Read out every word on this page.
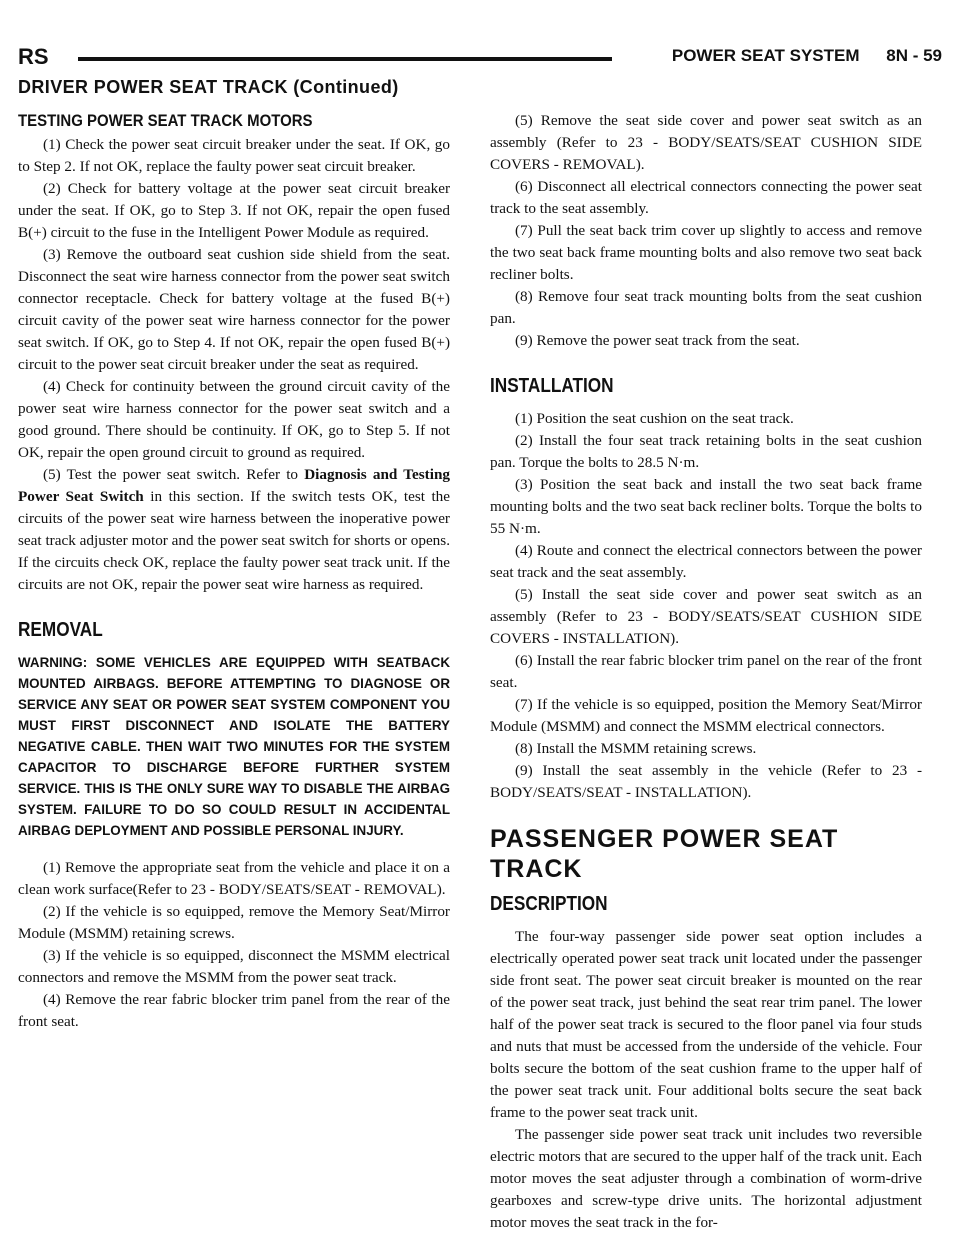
RS	POWER SEAT SYSTEM 8N - 59
DRIVER POWER SEAT TRACK (Continued)
TESTING POWER SEAT TRACK MOTORS

(1) Check the power seat circuit breaker under the seat. If OK, go to Step 2. If not OK, replace the faulty power seat circuit breaker.

(2) Check for battery voltage at the power seat circuit breaker under the seat. If OK, go to Step 3. If not OK, repair the open fused B(+) circuit to the fuse in the Intelligent Power Module as required.

(3) Remove the outboard seat cushion side shield from the seat. Disconnect the seat wire harness connector from the power seat switch connector receptacle. Check for battery voltage at the fused B(+) circuit cavity of the power seat wire harness connector for the power seat switch. If OK, go to Step 4. If not OK, repair the open fused B(+) circuit to the power seat circuit breaker under the seat as required.

(4) Check for continuity between the ground circuit cavity of the power seat wire harness connector for the power seat switch and a good ground. There should be continuity. If OK, go to Step 5. If not OK, repair the open ground circuit to ground as required.

(5) Test the power seat switch. Refer to Diagnosis and Testing Power Seat Switch in this section. If the switch tests OK, test the circuits of the power seat wire harness between the inoperative power seat track adjuster motor and the power seat switch for shorts or opens. If the circuits check OK, replace the faulty power seat track unit. If the circuits are not OK, repair the power seat wire harness as required.

REMOVAL

WARNING: SOME VEHICLES ARE EQUIPPED WITH SEATBACK MOUNTED AIRBAGS. BEFORE ATTEMPTING TO DIAGNOSE OR SERVICE ANY SEAT OR POWER SEAT SYSTEM COMPONENT YOU MUST FIRST DISCONNECT AND ISOLATE THE BATTERY NEGATIVE CABLE. THEN WAIT TWO MINUTES FOR THE SYSTEM CAPACITOR TO DISCHARGE BEFORE FURTHER SYSTEM SERVICE. THIS IS THE ONLY SURE WAY TO DISABLE THE AIRBAG SYSTEM. FAILURE TO DO SO COULD RESULT IN ACCIDENTAL AIRBAG DEPLOYMENT AND POSSIBLE PERSONAL INJURY.

(1) Remove the appropriate seat from the vehicle and place it on a clean work surface(Refer to 23 - BODY/SEATS/SEAT - REMOVAL).

(2) If the vehicle is so equipped, remove the Memory Seat/Mirror Module (MSMM) retaining screws.

(3) If the vehicle is so equipped, disconnect the MSMM electrical connectors and remove the MSMM from the power seat track.

(4) Remove the rear fabric blocker trim panel from the rear of the front seat.

(5) Remove the seat side cover and power seat switch as an assembly (Refer to 23 - BODY/SEATS/SEAT CUSHION SIDE COVERS - REMOVAL).

(6) Disconnect all electrical connectors connecting the power seat track to the seat assembly.

(7) Pull the seat back trim cover up slightly to access and remove the two seat back frame mounting bolts and also remove two seat back recliner bolts.

(8) Remove four seat track mounting bolts from the seat cushion pan.

(9) Remove the power seat track from the seat.

INSTALLATION

(1) Position the seat cushion on the seat track.

(2) Install the four seat track retaining bolts in the seat cushion pan. Torque the bolts to 28.5 N·m.

(3) Position the seat back and install the two seat back frame mounting bolts and the two seat back recliner bolts. Torque the bolts to 55 N·m.

(4) Route and connect the electrical connectors between the power seat track and the seat assembly.

(5) Install the seat side cover and power seat switch as an assembly (Refer to 23 - BODY/SEATS/SEAT CUSHION SIDE COVERS - INSTALLATION).

(6) Install the rear fabric blocker trim panel on the rear of the front seat.

(7) If the vehicle is so equipped, position the Memory Seat/Mirror Module (MSMM) and connect the MSMM electrical connectors.

(8) Install the MSMM retaining screws.

(9) Install the seat assembly in the vehicle (Refer to 23 - BODY/SEATS/SEAT - INSTALLATION).

PASSENGER POWER SEAT TRACK
DESCRIPTION

The four-way passenger side power seat option includes a electrically operated power seat track unit located under the passenger side front seat. The power seat circuit breaker is mounted on the rear of the power seat track, just behind the seat rear trim panel. The lower half of the power seat track is secured to the floor panel via four studs and nuts that must be accessed from the underside of the vehicle. Four bolts secure the bottom of the seat cushion frame to the upper half of the power seat track unit. Four additional bolts secure the seat back frame to the power seat track unit.

The passenger side power seat track unit includes two reversible electric motors that are secured to the upper half of the track unit. Each motor moves the seat adjuster through a combination of worm-drive gearboxes and screw-type drive units. The horizontal adjustment motor moves the seat track in the for-
